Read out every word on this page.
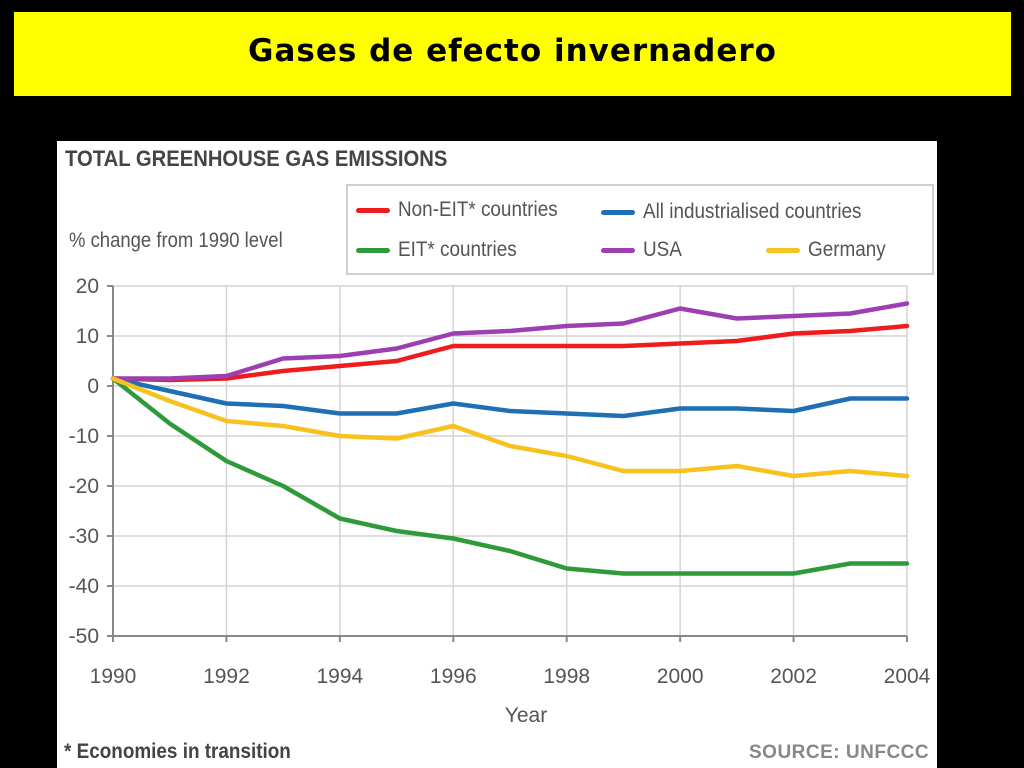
Gases de efecto invernadero
TOTAL GREENHOUSE GAS EMISSIONS
% change from 1990 level
Non-EIT* countries	All industrialised countries
EIT* countries	USA	Germany
20
10
0
-10
-20
-30
-40
-50
1990	1992	1994	1996	1998	2000	2002	2004
Year
* Economies in transition	SOURCE: UNFCCC
